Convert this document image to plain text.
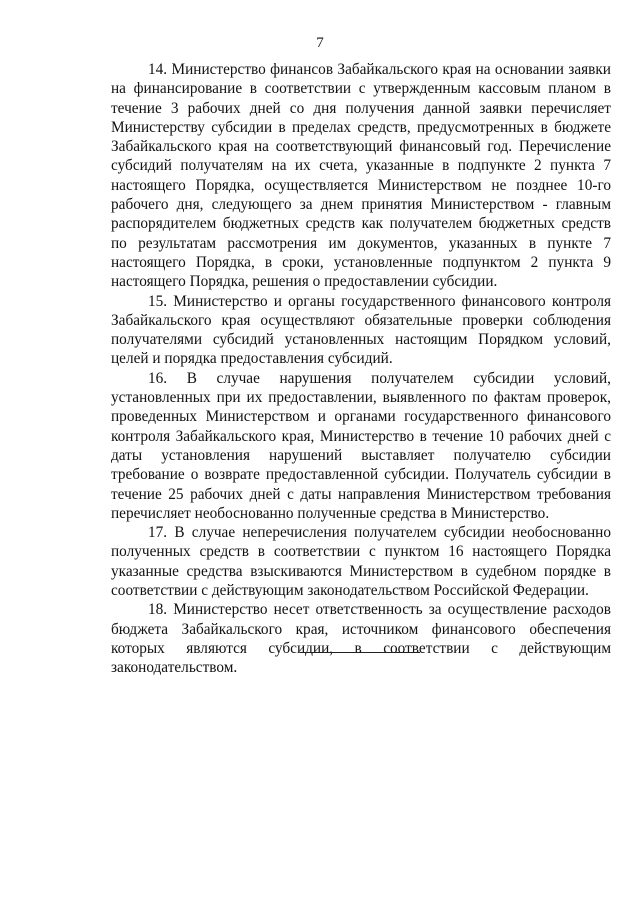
7

14. Министерство финансов Забайкальского края на основании заявки на финансирование в соответствии с утвержденным кассовым планом в течение 3 рабочих дней со дня получения данной заявки перечисляет Министерству субсидии в пределах средств, предусмотренных в бюджете Забайкальского края на соответствующий финансовый год. Перечисление субсидий получателям на их счета, указанные в подпункте 2 пункта 7 настоящего Порядка, осуществляется Министерством не позднее 10-го рабочего дня, следующего за днем принятия Министерством - главным распорядителем бюджетных средств как получателем бюджетных средств по результатам рассмотрения им документов, указанных в пункте 7 настоящего Порядка, в сроки, установленные подпунктом 2 пункта 9 настоящего Порядка, решения о предоставлении субсидии.

15. Министерство и органы государственного финансового контроля Забайкальского края осуществляют обязательные проверки соблюдения получателями субсидий установленных настоящим Порядком условий, целей и порядка предоставления субсидий.

16. В случае нарушения получателем субсидии условий, установленных при их предоставлении, выявленного по фактам проверок, проведенных Министерством и органами государственного финансового контроля Забайкальского края, Министерство в течение 10 рабочих дней с даты установления нарушений выставляет получателю субсидии требование о возврате предоставленной субсидии. Получатель субсидии в течение 25 рабочих дней с даты направления Министерством требования перечисляет необоснованно полученные средства в Министерство.

17. В случае неперечисления получателем субсидии необоснованно полученных средств в соответствии с пунктом 16 настоящего Порядка указанные средства взыскиваются Министерством в судебном порядке в соответствии с действующим законодательством Российской Федерации.

18. Министерство несет ответственность за осуществление расходов бюджета Забайкальского края, источником финансового обеспечения которых являются субсидии, в соответствии с действующим законодательством.
